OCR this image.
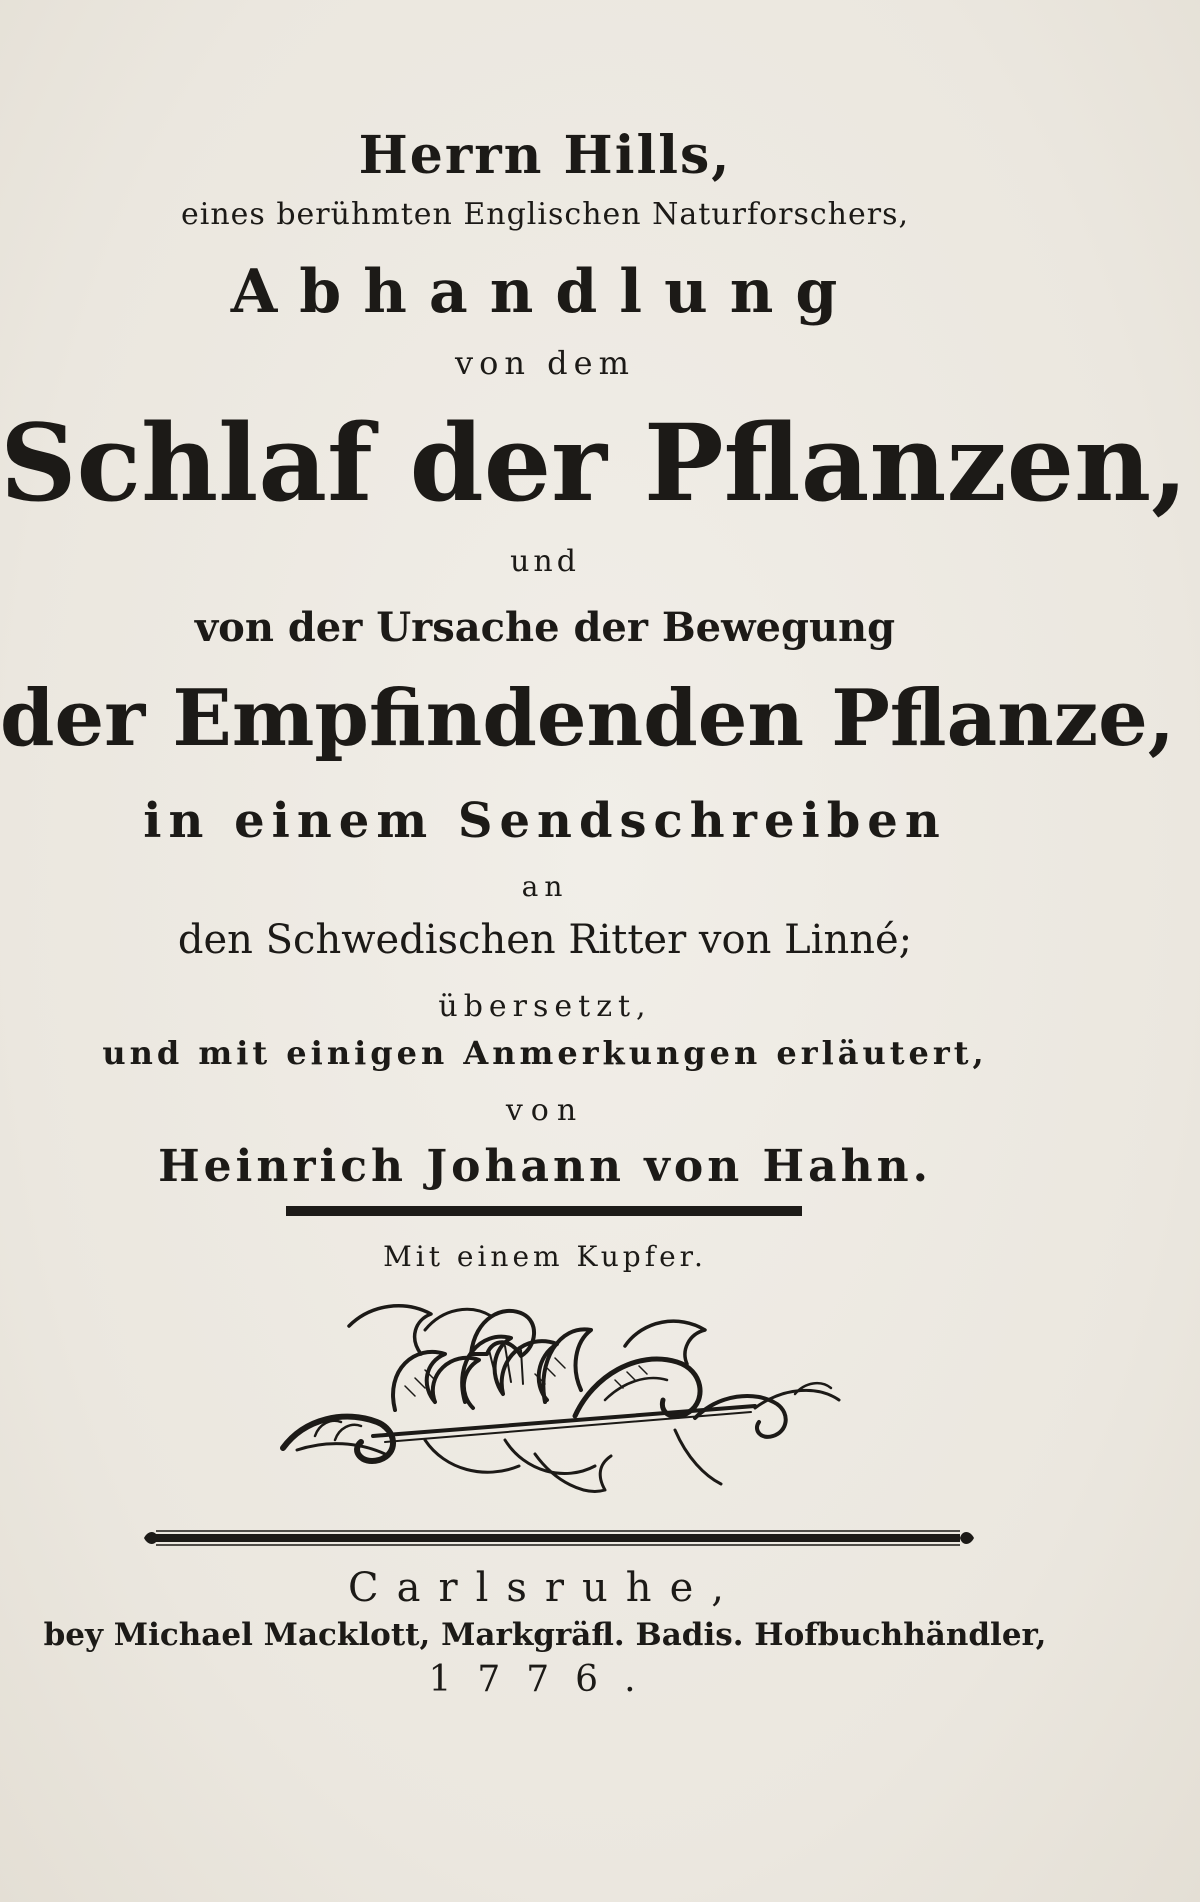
Herrn Hills,
eines berühmten Englischen Naturforschers,
Abhandlung
von dem
Schlaf der Pflanzen,
und
von der Ursache der Bewegung
der Empfindenden Pflanze,
in einem Sendschreiben
an
den Schwedischen Ritter von Linné;
übersetzt,
und mit einigen Anmerkungen erläutert,
von
Heinrich Johann von Hahn.
Mit einem Kupfer.
Carlsruhe,
bey Michael Macklott, Markgräfl. Badis. Hofbuchhändler,
1776.
